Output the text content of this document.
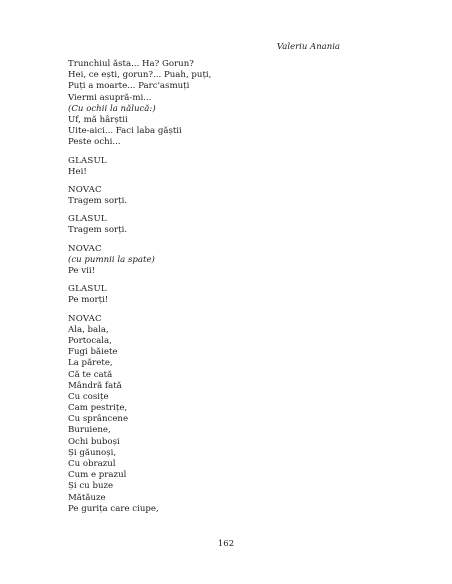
Valeriu Anania
Trunchiul ăsta... Ha? Gorun?
Hei, ce ești, gorun?... Puah, puți,
Puți a moarte... Parc'asmuți
Viermi asupră-mi...
(Cu ochii la nălucă:)
Uf, mă hârștii
Uite-aici... Faci laba găștii
Peste ochi...
GLASUL
Hei!
NOVAC
Tragem sorți.
GLASUL
Tragem sorți.
NOVAC
(cu pumnii la spate)
Pe vii!
GLASUL
Pe morți!
NOVAC
Ala, bala,
Portocala,
Fugi băiete
La părete,
Că te cată
Mândră fată
Cu cosițe
Cam pestrițe,
Cu sprâncene
Buruiene,
Ochi buboși
Și găunoși,
Cu obrazul
Cum e prazul
Și cu buze
Mătăuze
Pe gurița care ciupe,
162
